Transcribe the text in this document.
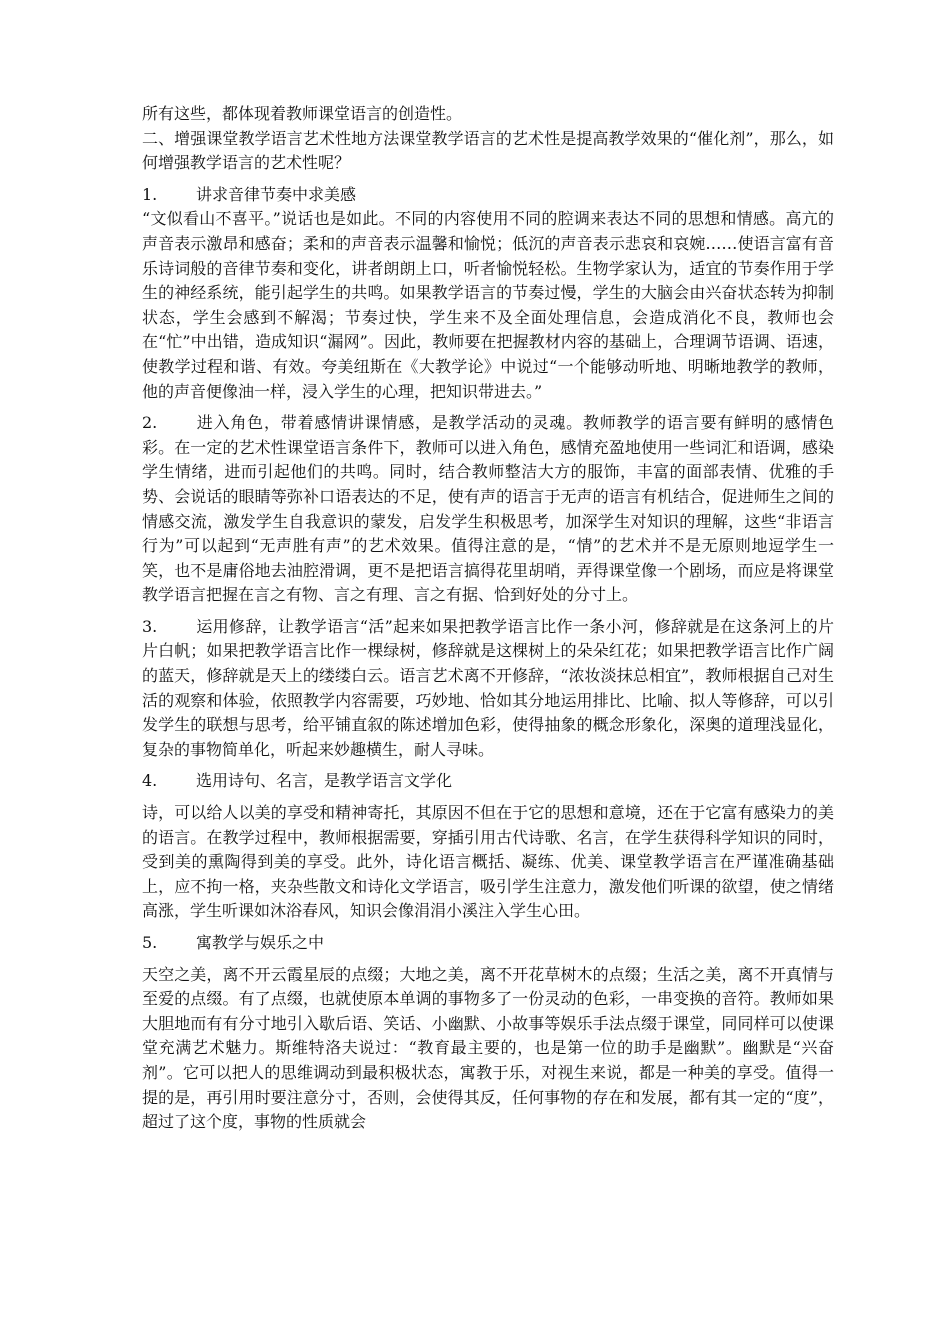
所有这些，都体现着教师课堂语言的创造性。

二、增强课堂教学语言艺术性地方法课堂教学语言的艺术性是提高教学效果的“催化剂”，那么，如何增强教学语言的艺术性呢？

1. 讲求音律节奏中求美感

“文似看山不喜平。”说话也是如此。不同的内容使用不同的腔调来表达不同的思想和情感。高亢的声音表示激昂和感奋；柔和的声音表示温馨和愉悦；低沉的声音表示悲哀和哀婉……使语言富有音乐诗词般的音律节奏和变化，讲者朗朗上口，听者愉悦轻松。生物学家认为，适宜的节奏作用于学生的神经系统，能引起学生的共鸣。如果教学语言的节奏过慢，学生的大脑会由兴奋状态转为抑制状态，学生会感到不解渴；节奏过快，学生来不及全面处理信息，会造成消化不良，教师也会在“忙”中出错，造成知识“漏网”。因此，教师要在把握教材内容的基础上，合理调节语调、语速，使教学过程和谐、有效。夸美纽斯在《大教学论》中说过“一个能够动听地、明晰地教学的教师，他的声音便像油一样，浸入学生的心理，把知识带进去。”

2. 进入角色，带着感情讲课情感，是教学活动的灵魂。教师教学的语言要有鲜明的感情色彩。在一定的艺术性课堂语言条件下，教师可以进入角色，感情充盈地使用一些词汇和语调，感染学生情绪，进而引起他们的共鸣。同时，结合教师整洁大方的服饰，丰富的面部表情、优雅的手势、会说话的眼睛等弥补口语表达的不足，使有声的语言于无声的语言有机结合，促进师生之间的情感交流，激发学生自我意识的蒙发，启发学生积极思考，加深学生对知识的理解，这些“非语言行为”可以起到“无声胜有声”的艺术效果。值得注意的是，“情”的艺术并不是无原则地逗学生一笑，也不是庸俗地去油腔滑调，更不是把语言搞得花里胡哨，弄得课堂像一个剧场，而应是将课堂教学语言把握在言之有物、言之有理、言之有据、恰到好处的分寸上。

3. 运用修辞，让教学语言“活”起来如果把教学语言比作一条小河，修辞就是在这条河上的片片白帆；如果把教学语言比作一棵绿树，修辞就是这棵树上的朵朵红花；如果把教学语言比作广阔的蓝天，修辞就是天上的缕缕白云。语言艺术离不开修辞，“浓妆淡抹总相宜”，教师根据自己对生活的观察和体验，依照教学内容需要，巧妙地、恰如其分地运用排比、比喻、拟人等修辞，可以引发学生的联想与思考，给平铺直叙的陈述增加色彩，使得抽象的概念形象化，深奥的道理浅显化，复杂的事物简单化，听起来妙趣横生，耐人寻味。

4. 选用诗句、名言，是教学语言文学化

诗，可以给人以美的享受和精神寄托，其原因不但在于它的思想和意境，还在于它富有感染力的美的语言。在教学过程中，教师根据需要，穿插引用古代诗歌、名言，在学生获得科学知识的同时，受到美的熏陶得到美的享受。此外，诗化语言概括、凝练、优美、课堂教学语言在严谨准确基础上，应不拘一格，夹杂些散文和诗化文学语言，吸引学生注意力，激发他们听课的欲望，使之情绪高涨，学生听课如沐浴春风，知识会像涓涓小溪注入学生心田。

5. 寓教学与娱乐之中

天空之美，离不开云霞星辰的点缀；大地之美，离不开花草树木的点缀；生活之美，离不开真情与至爱的点缀。有了点缀，也就使原本单调的事物多了一份灵动的色彩，一串变换的音符。教师如果大胆地而有有分寸地引入歇后语、笑话、小幽默、小故事等娱乐手法点缀于课堂，同同样可以使课堂充满艺术魅力。斯维特洛夫说过：“教育最主要的，也是第一位的助手是幽默”。幽默是“兴奋剂”。它可以把人的思维调动到最积极状态，寓教于乐，对视生来说，都是一种美的享受。值得一提的是，再引用时要注意分寸，否则，会使得其反，任何事物的存在和发展，都有其一定的“度”，超过了这个度，事物的性质就会
